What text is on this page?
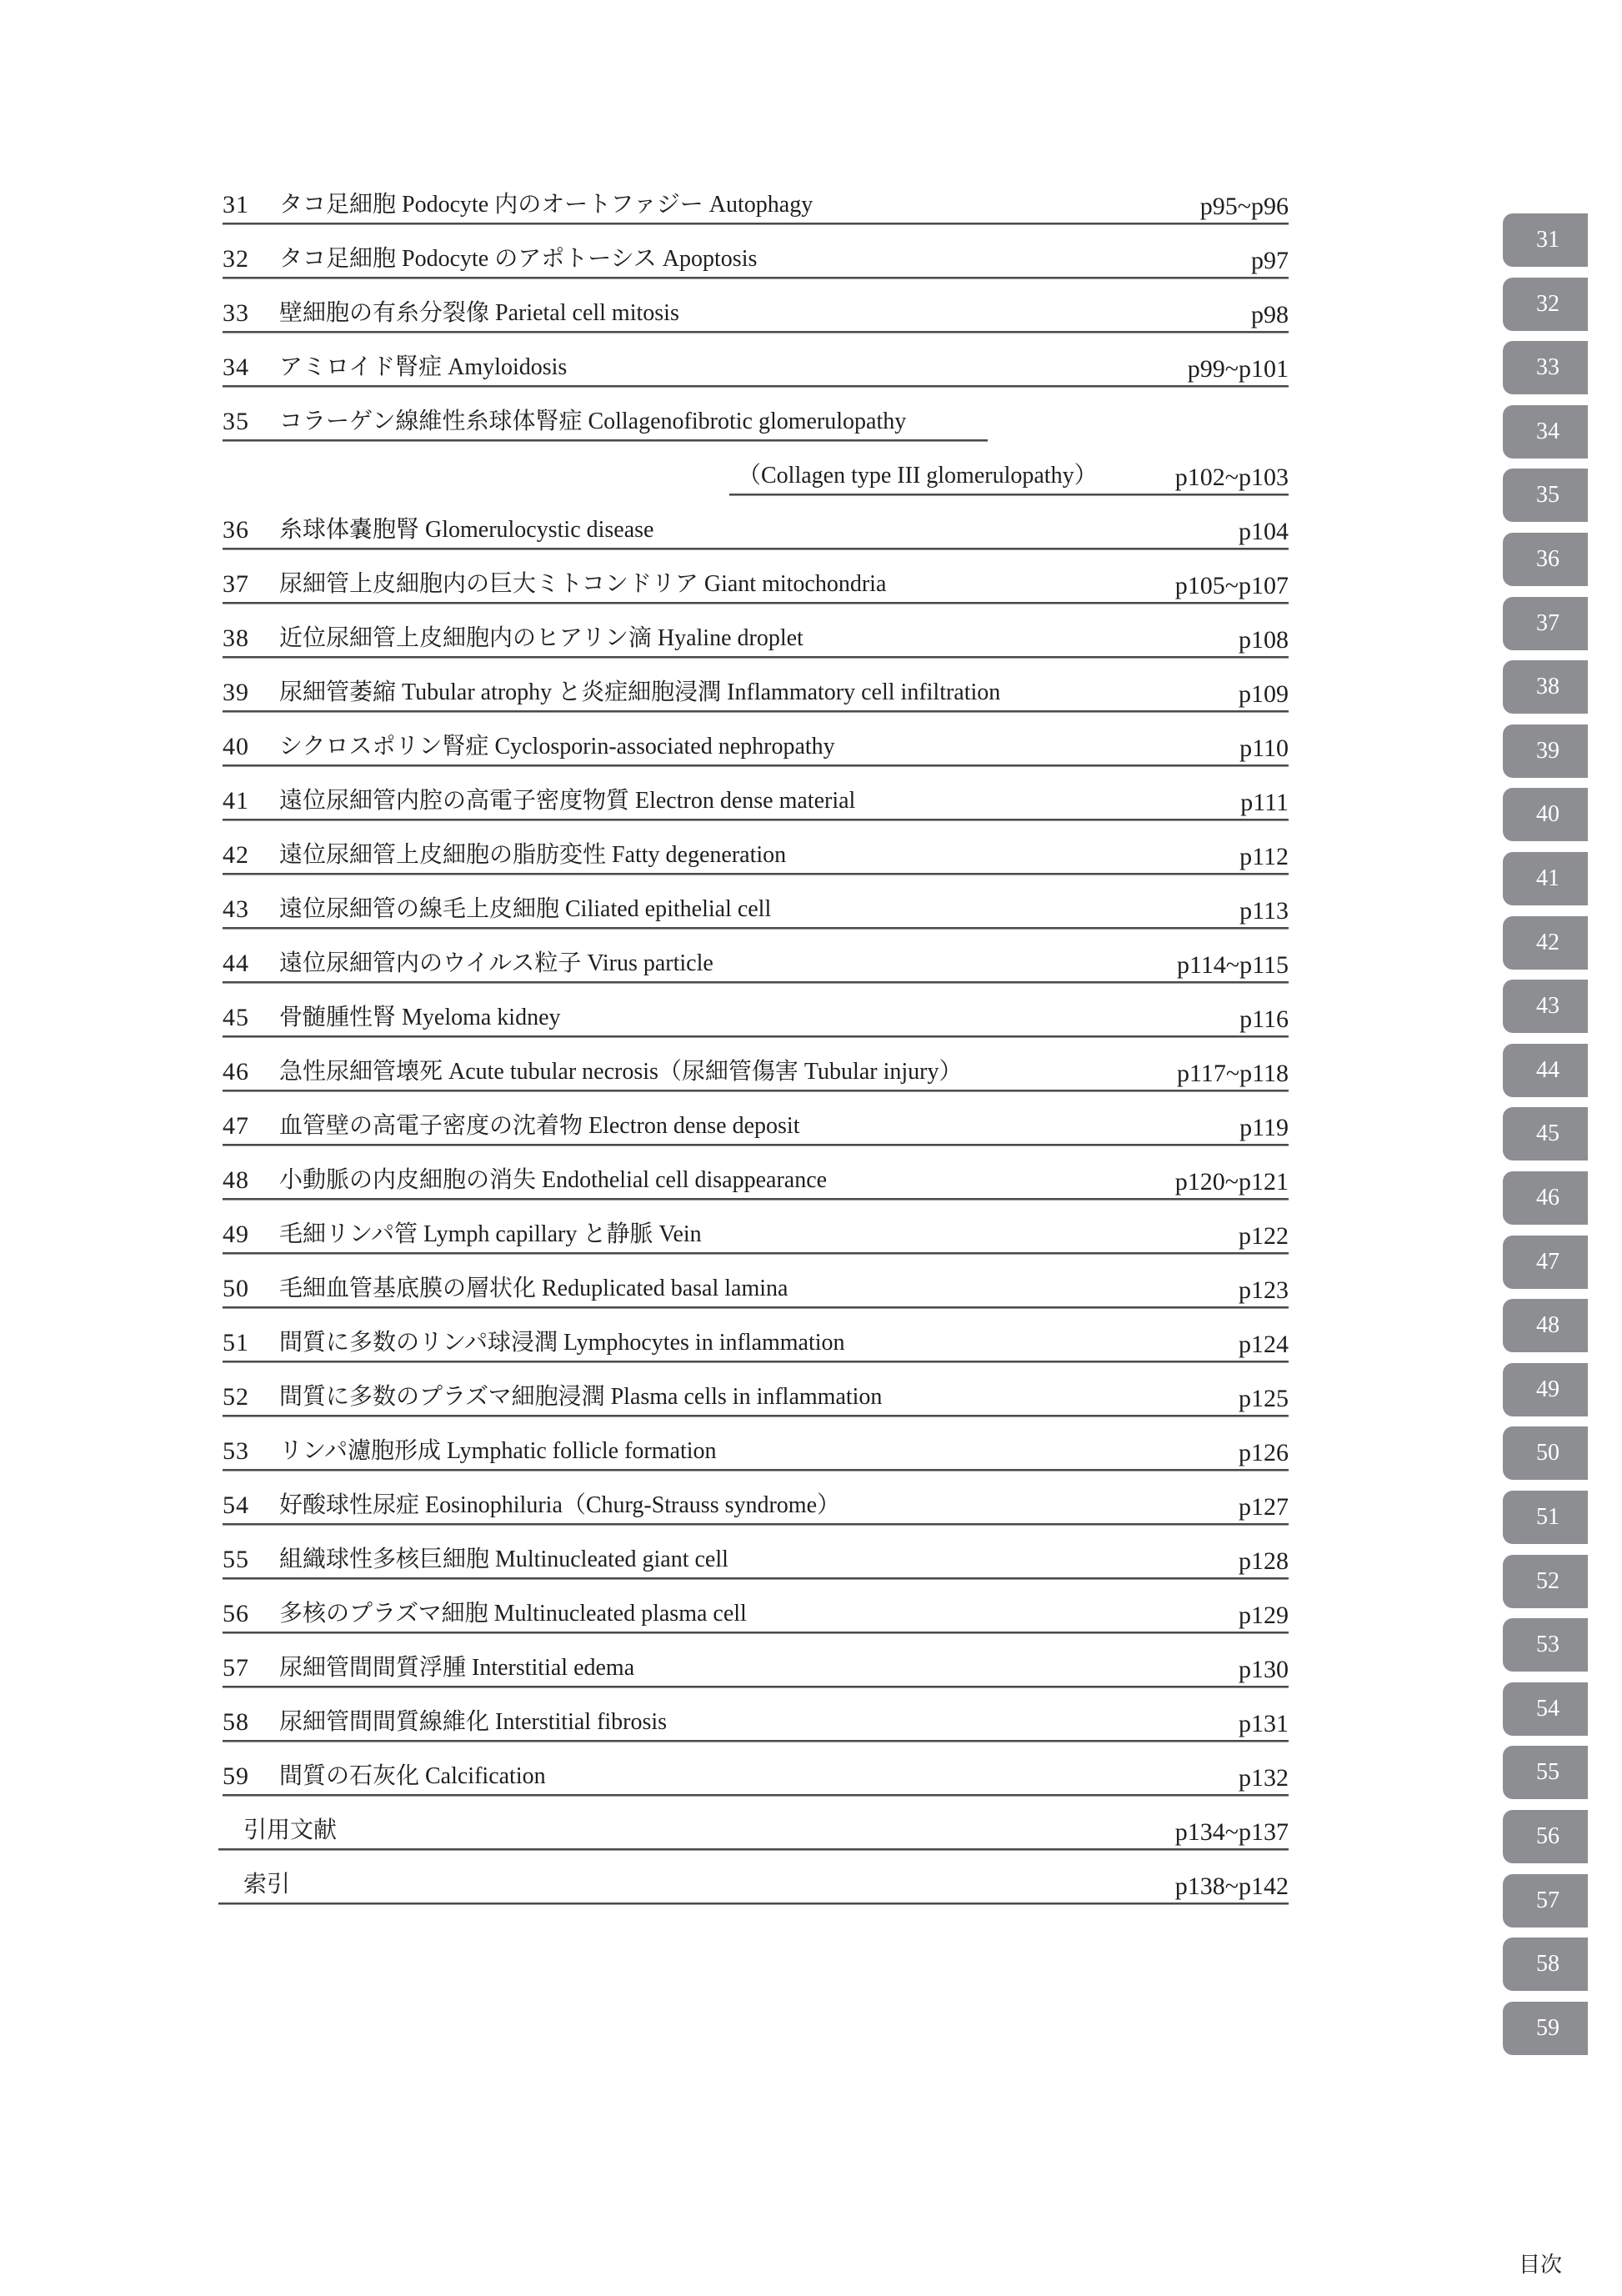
31 タコ足細胞 Podocyte 内のオートファジー Autophagy	p95~p96
32 タコ足細胞 Podocyte のアポトーシス Apoptosis	p97
33 壁細胞の有糸分裂像 Parietal cell mitosis	p98
34 アミロイド腎症 Amyloidosis	p99~p101
35 コラーゲン線維性糸球体腎症 Collagenofibrotic glomerulopathy
（Collagen type III glomerulopathy）	p102~p103
36 糸球体嚢胞腎 Glomerulocystic disease	p104
37 尿細管上皮細胞内の巨大ミトコンドリア Giant mitochondria	p105~p107
38 近位尿細管上皮細胞内のヒアリン滴 Hyaline droplet	p108
39 尿細管萎縮 Tubular atrophy と炎症細胞浸潤 Inflammatory cell infiltration	p109
40 シクロスポリン腎症 Cyclosporin-associated nephropathy	p110
41 遠位尿細管内腔の高電子密度物質 Electron dense material	p111
42 遠位尿細管上皮細胞の脂肪変性 Fatty degeneration	p112
43 遠位尿細管の線毛上皮細胞 Ciliated epithelial cell	p113
44 遠位尿細管内のウイルス粒子 Virus particle	p114~p115
45 骨髄腫性腎 Myeloma kidney	p116
46 急性尿細管壊死 Acute tubular necrosis（尿細管傷害 Tubular injury）	p117~p118
47 血管壁の高電子密度の沈着物 Electron dense deposit	p119
48 小動脈の内皮細胞の消失 Endothelial cell disappearance	p120~p121
49 毛細リンパ管 Lymph capillary と静脈 Vein	p122
50 毛細血管基底膜の層状化 Reduplicated basal lamina	p123
51 間質に多数のリンパ球浸潤 Lymphocytes in inflammation	p124
52 間質に多数のプラズマ細胞浸潤 Plasma cells in inflammation	p125
53 リンパ濾胞形成 Lymphatic follicle formation	p126
54 好酸球性尿症 Eosinophiluria（Churg-Strauss syndrome）	p127
55 組織球性多核巨細胞 Multinucleated giant cell	p128
56 多核のプラズマ細胞 Multinucleated plasma cell	p129
57 尿細管間間質浮腫 Interstitial edema	p130
58 尿細管間間質線維化 Interstitial fibrosis	p131
59 間質の石灰化 Calcification	p132
引用文献	p134~p137
索引	p138~p142
31
32
33
34
35
36
37
38
39
40
41
42
43
44
45
46
47
48
49
50
51
52
53
54
55
56
57
58
59
目次
